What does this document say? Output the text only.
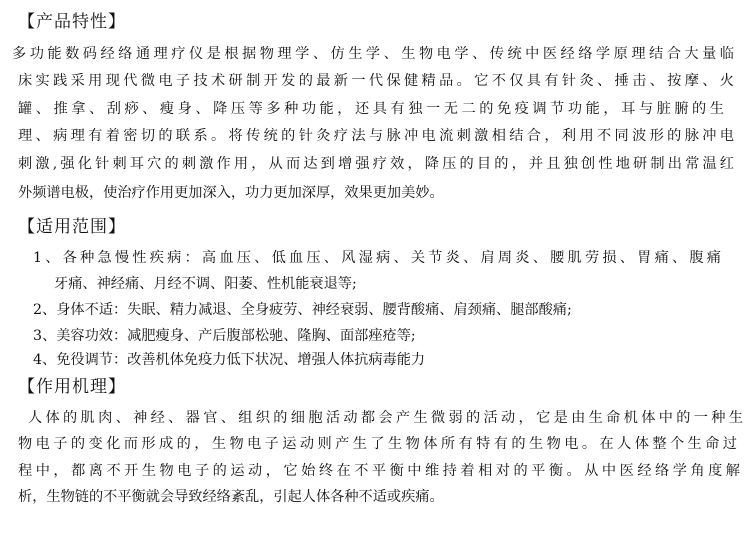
【产品特性】
多功能数码经络通理疗仪是根据物理学、仿生学、生物电学、传统中医经络学原理结合大量临
床实践采用现代微电子技术研制开发的最新一代保健精品。它不仅具有针灸、捶击、按摩、火
罐、推拿、刮痧、瘦身、降压等多种功能，还具有独一无二的免疫调节功能，耳与脏腑的生
理、病理有着密切的联系。将传统的针灸疗法与脉冲电流刺激相结合，利用不同波形的脉冲电
刺激,强化针刺耳穴的刺激作用，从而达到增强疗效，降压的目的，并且独创性地研制出常温红
外频谱电极，使治疗作用更加深入，功力更加深厚，效果更加美妙。
【适用范围】
1、各种急慢性疾病：高血压、低血压、风湿病、关节炎、肩周炎、腰肌劳损、胃痛、腹痛
牙痛、神经痛、月经不调、阳萎、性机能衰退等;
2、身体不适：失眠、精力减退、全身疲劳、神经衰弱、腰背酸痛、肩颈痛、腿部酸痛;
3、美容功效：减肥瘦身、产后腹部松驰、隆胸、面部痤疮等;
4、免役调节：改善机体免疫力低下状况、增强人体抗病毒能力
【作用机理】
人体的肌肉、神经、器官、组织的细胞活动都会产生微弱的活动，它是由生命机体中的一种生
物电子的变化而形成的，生物电子运动则产生了生物体所有特有的生物电。在人体整个生命过
程中，都离不开生物电子的运动，它始终在不平衡中维持着相对的平衡。从中医经络学角度解
析，生物链的不平衡就会导致经络紊乱，引起人体各种不适或疾痛。
